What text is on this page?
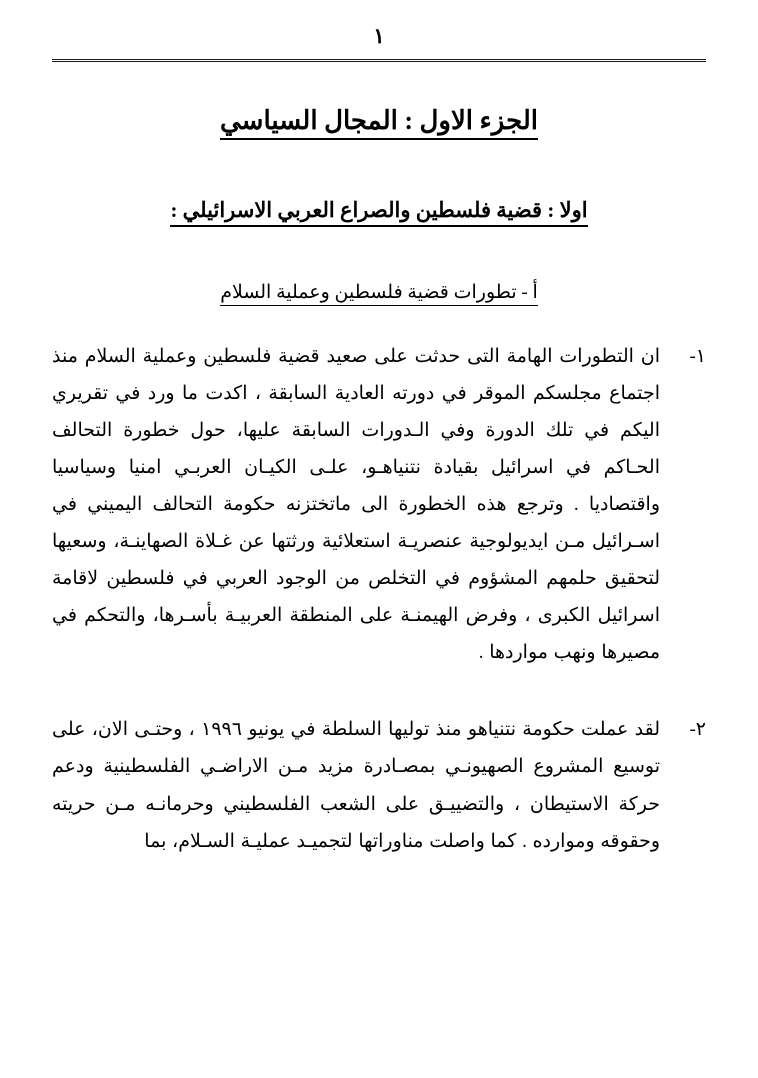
١
الجزء الاول : المجال السياسي
اولا : قضية فلسطين والصراع العربي الاسرائيلي :
أ - تطورات قضية فلسطين وعملية السلام
١-
ان التطورات الهامة التى حدثت على صعيد قضية فلسطين وعملية السلام منذ اجتماع مجلسكم الموقر في دورته العادية السابقة ، اكدت ما ورد في تقريري اليكم في تلك الدورة وفي الـدورات السابقة عليها، حول خطورة التحالف الحـاكم في اسرائيل بقيادة نتنياهـو، علـى الكيـان العربـي امنيا وسياسيا واقتصاديا . وترجع هذه الخطورة الى ماتختزنه حكومة التحالف اليميني في اسـرائيل مـن ايديولوجية عنصريـة استعلائية ورثتها عن غـلاة الصهاينـة، وسعيها لتحقيق حلمهم المشؤوم في التخلص من الوجود العربي في فلسطين لاقامة اسرائيل الكبرى ، وفرض الهيمنـة على المنطقة العربيـة بأسـرها، والتحكم في مصيرها ونهب مواردها .
٢-
لقد عملت حكومة نتنياهو منذ توليها السلطة في يونيو ١٩٩٦ ، وحتـى الان، على توسيع المشروع الصهيونـي بمصـادرة مزيد مـن الاراضـي الفلسطينية ودعم حركة الاستيطان ، والتضييـق على الشعب الفلسطيني وحرمانـه مـن حريته وحقوقه وموارده . كما واصلت مناوراتها لتجميـد عمليـة السـلام، بما
